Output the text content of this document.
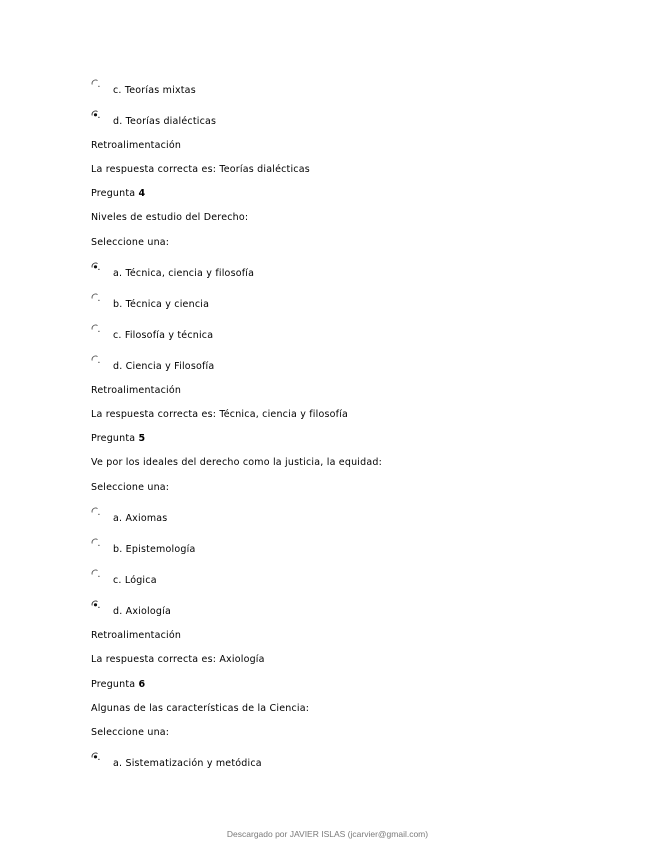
c. Teorías mixtas
d. Teorías dialécticas
Retroalimentación
La respuesta correcta es: Teorías dialécticas
Pregunta 4
Niveles de estudio del Derecho:
Seleccione una:
a. Técnica, ciencia y filosofía
b. Técnica y ciencia
c. Filosofía y técnica
d. Ciencia y Filosofía
Retroalimentación
La respuesta correcta es: Técnica, ciencia y filosofía
Pregunta 5
Ve por los ideales del derecho como la justicia, la equidad:
Seleccione una:
a. Axiomas
b. Epistemología
c. Lógica
d. Axiología
Retroalimentación
La respuesta correcta es: Axiología
Pregunta 6
Algunas de las características de la Ciencia:
Seleccione una:
a. Sistematización y metódica
Descargado por JAVIER ISLAS (jcarvier@gmail.com)
